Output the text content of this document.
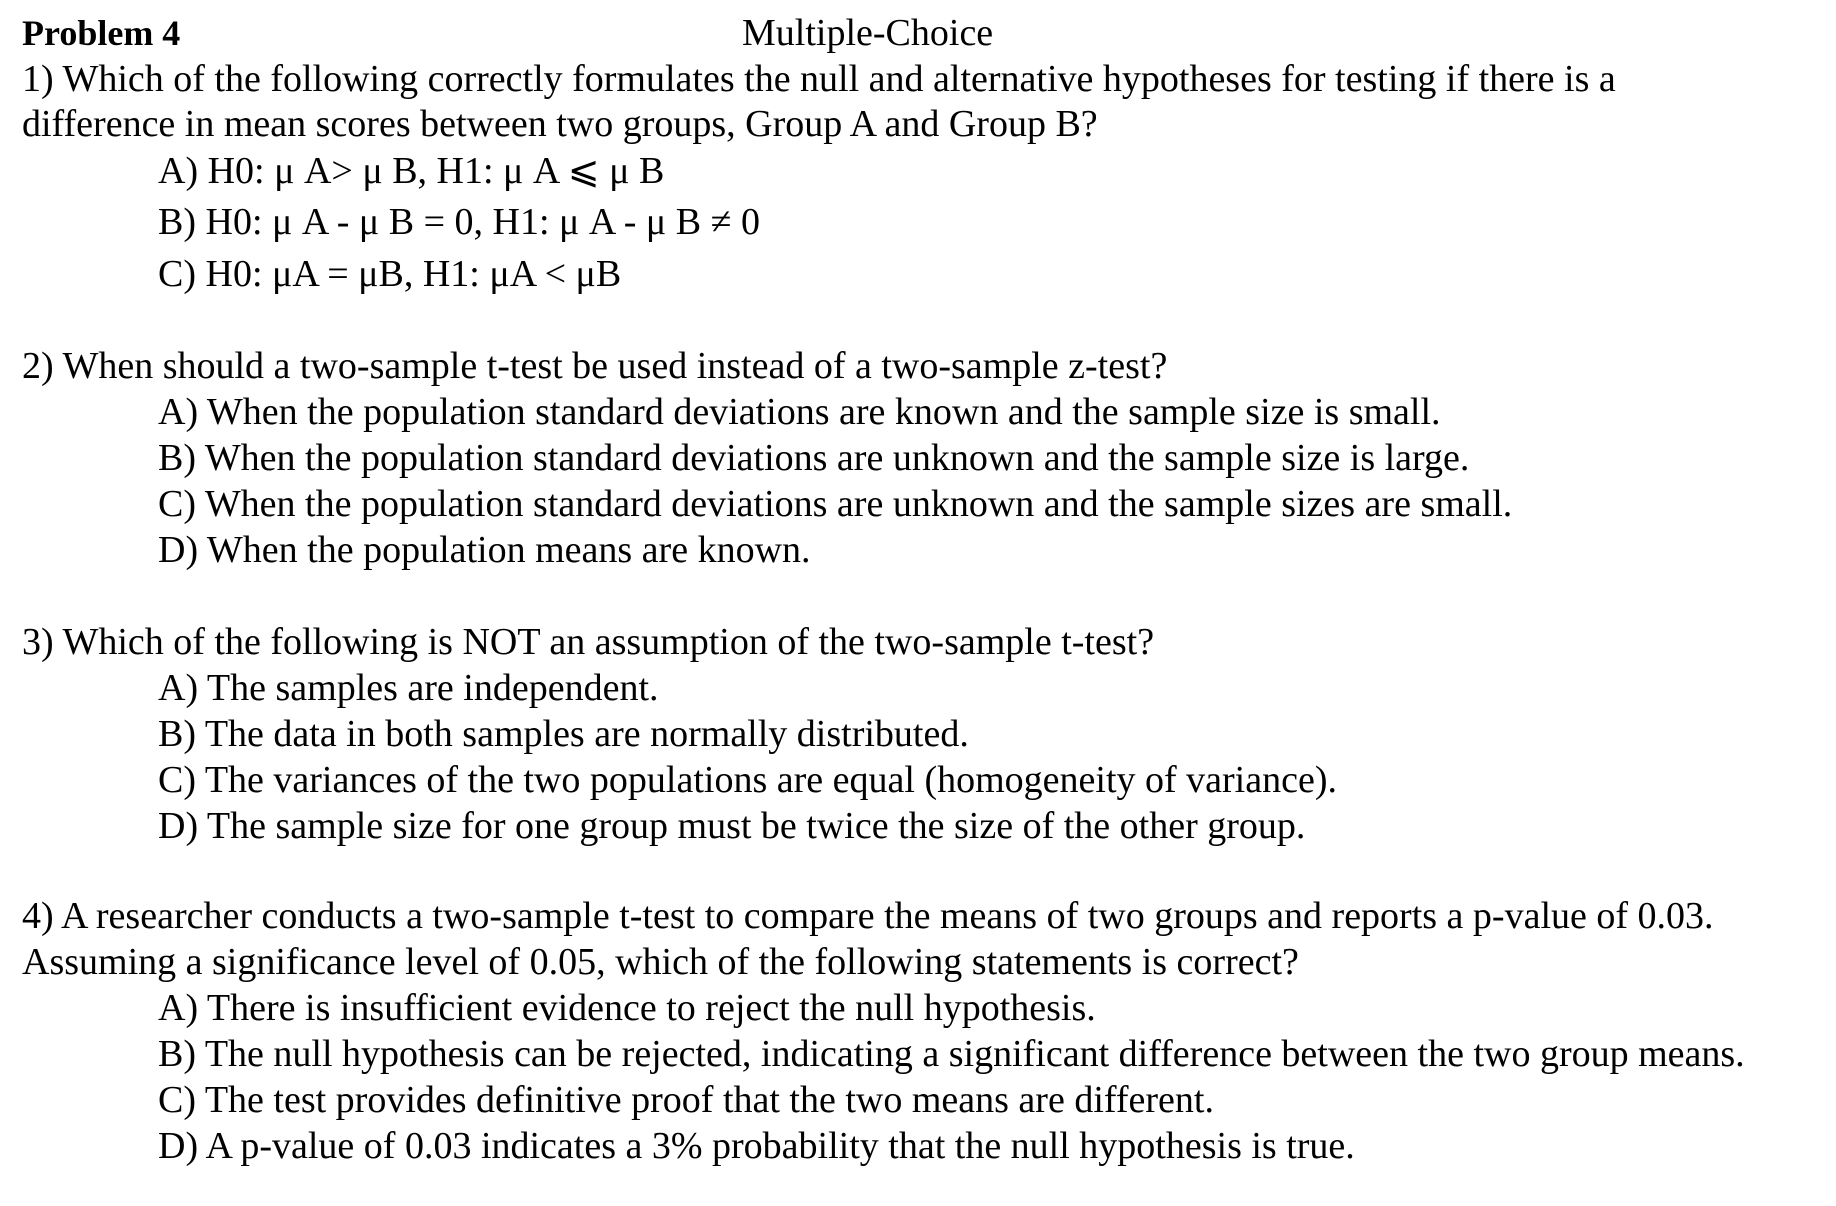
Problem 4	Multiple-Choice
1) Which of the following correctly formulates the null and alternative hypotheses for testing if there is a
difference in mean scores between two groups, Group A and Group B?
A) H0: μ A> μ B, H1: μ A ⩽ μ B
B) H0: μ A - μ B = 0, H1: μ A - μ B ≠ 0
C) H0: μA = μB, H1: μA < μB
2) When should a two-sample t-test be used instead of a two-sample z-test?
A) When the population standard deviations are known and the sample size is small.
B) When the population standard deviations are unknown and the sample size is large.
C) When the population standard deviations are unknown and the sample sizes are small.
D) When the population means are known.
3) Which of the following is NOT an assumption of the two-sample t-test?
A) The samples are independent.
B) The data in both samples are normally distributed.
C) The variances of the two populations are equal (homogeneity of variance).
D) The sample size for one group must be twice the size of the other group.
4) A researcher conducts a two-sample t-test to compare the means of two groups and reports a p-value of 0.03.
Assuming a significance level of 0.05, which of the following statements is correct?
A) There is insufficient evidence to reject the null hypothesis.
B) The null hypothesis can be rejected, indicating a significant difference between the two group means.
C) The test provides definitive proof that the two means are different.
D) A p-value of 0.03 indicates a 3% probability that the null hypothesis is true.
